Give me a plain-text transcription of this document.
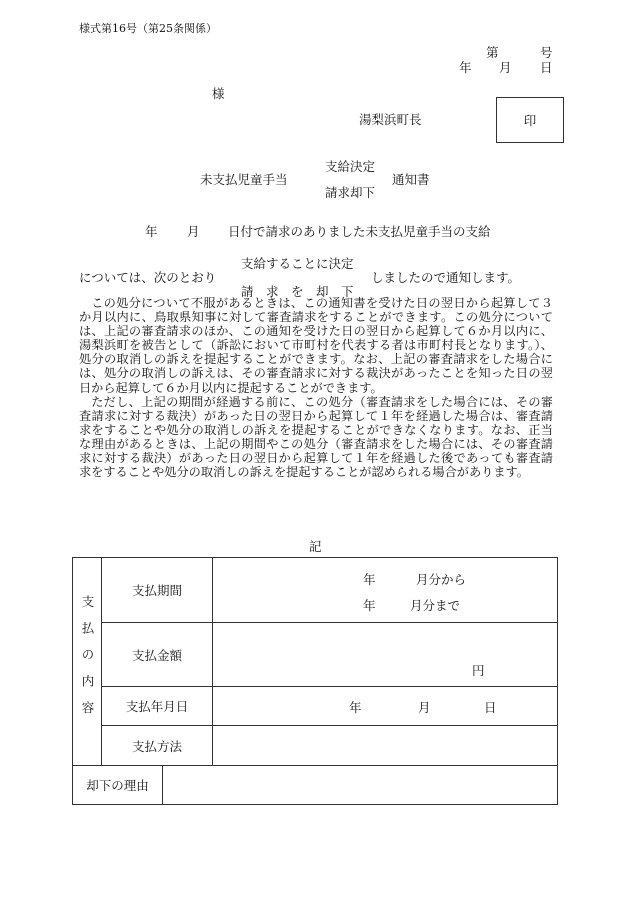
様式第16号（第25条関係）
第	号
年 月 日
様
湯梨浜町長	印
支給決定
未支払児童手当	通知書
請求却下
年 月 日付で請求のありました未支払児童手当の支給
支給することに決定
については、次のとおり	しましたので通知します。
請　求　を　却　下

この処分について不服があるときは、この通知書を受けた日の翌日から起算して３か月以内に、鳥取県知事に対して審査請求をすることができます。この処分については、上記の審査請求のほか、この通知を受けた日の翌日から起算して６か月以内に、湯梨浜町を被告として（訴訟において市町村を代表する者は市町村長となります。）、処分の取消しの訴えを提起することができます。なお、上記の審査請求をした場合には、処分の取消しの訴えは、その審査請求に対する裁決があったことを知った日の翌日から起算して６か月以内に提起することができます。

ただし、上記の期間が経過する前に、この処分（審査請求をした場合には、その審査請求に対する裁決）があった日の翌日から起算して１年を経過した場合は、審査請求をすることや処分の取消しの訴えを提起することができなくなります。なお、正当な理由があるときは、上記の期間やこの処分（審査請求をした場合には、その審査請求に対する裁決）があった日の翌日から起算して１年を経過した後であっても審査請求をすることや処分の取消しの訴えを提起することが認められる場合があります。

記
支払の内容	支払期間		年 月分から
年 月分まで

	支払金額		円

	支払年月日		年 月 日

	支払方法		
却下の理由			
